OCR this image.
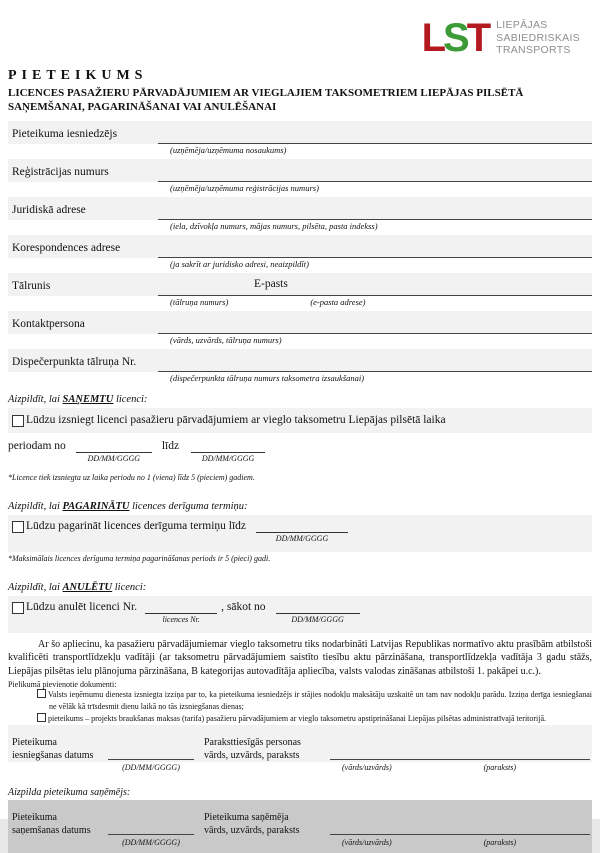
LST LIEPĀJAS
SABIEDRISKAIS
TRANSPORTS
PIETEIKUMS
LICENCES PASAŽIERU PĀRVADĀJUMIEM AR VIEGLAJIEM TAKSOMETRIEM LIEPĀJAS PILSĒTĀ SAŅEMŠANAI, PAGARINĀŠANAI VAI ANULĒŠANAI
Pieteikuma iesniedzējs
(uzņēmēja/uzņēmuma nosaukums)
Reģistrācijas numurs
(uzņēmēja/uzņēmuma reģistrācijas numurs)
Juridiskā adrese
(iela, dzīvokļa numurs, mājas numurs, pilsēta, pasta indekss)
Korespondences adrese
(ja sakrīt ar juridisko adresi, neaizpildīt)
Tālrunis	E-pasts
(tālruņa numurs)	(e-pasta adrese)
Kontaktpersona
(vārds, uzvārds, tālruņa numurs)
Dispečerpunkta tālruņa Nr.
(dispečerpunkta tālruņa numurs taksometra izsaukšanai)
Aizpildīt, lai SAŅEMTU licenci:
Lūdzu izsniegt licenci pasažieru pārvadājumiem ar vieglo taksometru Liepājas pilsētā laika
periodam no
DD/MM/GGGG
līdz
DD/MM/GGGG
*Licence tiek izsniegta uz laika periodu no 1 (viena) līdz 5 (pieciem) gadiem.
Aizpildīt, lai PAGARINĀTU licences derīguma termiņu:
Lūdzu pagarināt licences derīguma termiņu līdz
DD/MM/GGGG
*Maksimālais licences derīguma termiņa pagarināšanas periods ir 5 (pieci) gadi.
Aizpildīt, lai ANULĒTU licenci:
Lūdzu anulēt licenci Nr.
licences Nr.
, sākot no
DD/MM/GGGG
Ar šo apliecinu, ka pasažieru pārvadājumiemar vieglo taksometru tiks nodarbināti Latvijas Republikas normatīvo aktu prasībām atbilstoši kvalificēti transportlīdzekļu vadītāji (ar taksometru pārvadājumiem saistīto tiesību aktu pārzināšana, transportlīdzekļa vadītāja 3 gadu stāžs, Liepājas pilsētas ielu plānojuma pārzināšana, B kategorijas autovadītāja apliecība, valsts valodas zināšanas atbilstoši 1. pakāpei u.c.).
Pielikumā pievienotie dokumenti:
Valsts ieņēmumu dienesta izsniegta izziņa par to, ka pieteikuma iesniedzējs ir stājies nodokļu maksātāju uzskaitē un tam nav nodokļu parādu. Izziņa derīga iesniegšanai ne vēlāk kā trīsdesmit dienu laikā no tās izsniegšanas dienas;
pieteikums – projekts braukšanas maksas (tarifa) pasažieru pārvadājumiem ar vieglo taksometru apstiprināšanai Liepājas pilsētas administratīvajā teritorijā.
Pieteikuma
iesniegšanas datums
Paraksttiesīgās personas
vārds, uzvārds, paraksts
(DD/MM/GGGG)	(vārds/uzvārds)	(paraksts)
Aizpilda pieteikuma saņēmējs:
Pieteikuma
saņemšanas datums
Pieteikuma saņēmēja
vārds, uzvārds, paraksts
(DD/MM/GGGG)	(vārds/uzvārds)	(paraksts)
